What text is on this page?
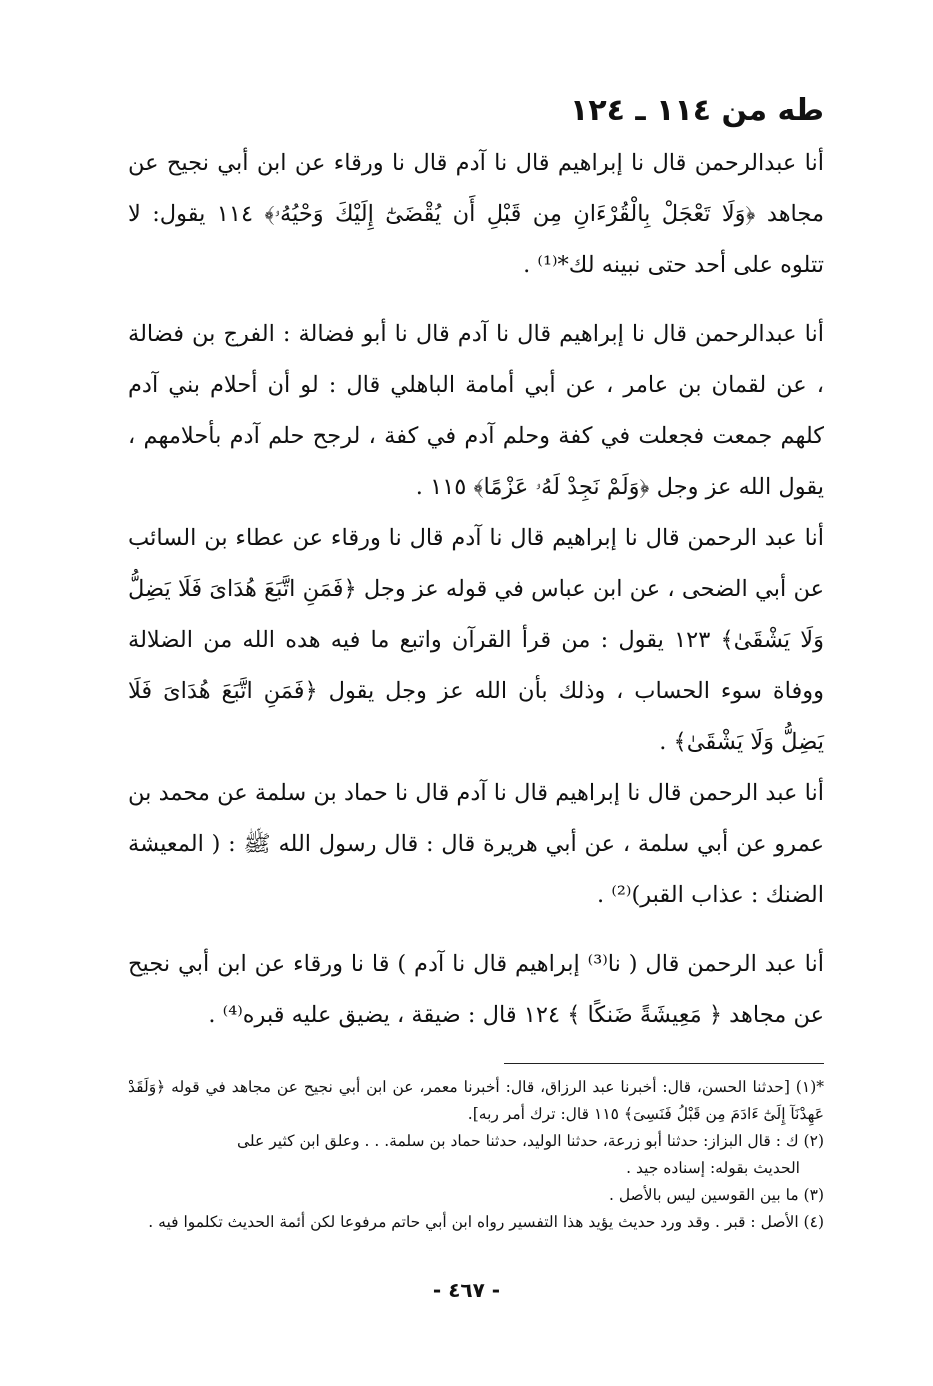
طه من ١١٤ ـ ١٢٤

أنا عبدالرحمن قال نا إبراهيم قال نا آدم قال نا ورقاء عن ابن أبي نجيح عن مجاهد ﴿وَلَا تَعْجَلْ بِالْقُرْءَانِ مِن قَبْلِ أَن يُقْضَىٰٓ إِلَيْكَ وَحْيُهُۥ﴾ ١١٤ يقول: لا تتلوه على أحد حتى نبينه لك*⁽¹⁾ .

أنا عبدالرحمن قال نا إبراهيم قال نا آدم قال نا أبو فضالة : الفرج بن فضالة ، عن لقمان بن عامر ، عن أبي أمامة الباهلي قال : لو أن أحلام بني آدم كلهم جمعت فجعلت في كفة وحلم آدم في كفة ، لرجح حلم آدم بأحلامهم ، يقول الله عز وجل ﴿وَلَمْ نَجِدْ لَهُۥ عَزْمًا﴾ ١١٥ .

أنا عبد الرحمن قال نا إبراهيم قال نا آدم قال نا ورقاء عن عطاء بن السائب عن أبي الضحى ، عن ابن عباس في قوله عز وجل ﴿فَمَنِ اتَّبَعَ هُدَاىَ فَلَا يَضِلُّ وَلَا يَشْقَىٰ﴾ ١٢٣ يقول : من قرأ القرآن واتبع ما فيه هده الله من الضلالة ووفاة سوء الحساب ، وذلك بأن الله عز وجل يقول ﴿فَمَنِ اتَّبَعَ هُدَاىَ فَلَا يَضِلُّ وَلَا يَشْقَىٰ﴾ .

أنا عبد الرحمن قال نا إبراهيم قال نا آدم قال نا حماد بن سلمة عن محمد بن عمرو عن أبي سلمة ، عن أبي هريرة قال : قال رسول الله ﷺ : ( المعيشة الضنك : عذاب القبر)⁽²⁾ .

أنا عبد الرحمن قال ( نا⁽³⁾ إبراهيم قال نا آدم ) قا نا ورقاء عن ابن أبي نجيح عن مجاهد ﴿ مَعِيشَةً ضَنكًا ﴾ ١٢٤ قال : ضيقة ، يضيق عليه قبره⁽⁴⁾ .

*(١) [حدثنا الحسن، قال: أخبرنا عبد الرزاق، قال: أخبرنا معمر، عن ابن أبي نجيح عن مجاهد في قوله ﴿وَلَقَدْ عَهِدْنَآ إِلَىٰٓ ءَادَمَ مِن قَبْلُ فَنَسِىَ﴾ ١١٥ قال: ترك أمر ربه].

(٢) ك : قال البزاز: حدثنا أبو زرعة، حدثنا الوليد، حدثنا حماد بن سلمة. . . وعلق ابن كثير على

الحديث بقوله: إسناده جيد .

(٣) ما بين القوسين ليس بالأصل .

(٤) الأصل : قبر . وقد ورد حديث يؤيد هذا التفسير رواه ابن أبي حاتم مرفوعا لكن أئمة الحديث تكلموا فيه .

- ٤٦٧ -
